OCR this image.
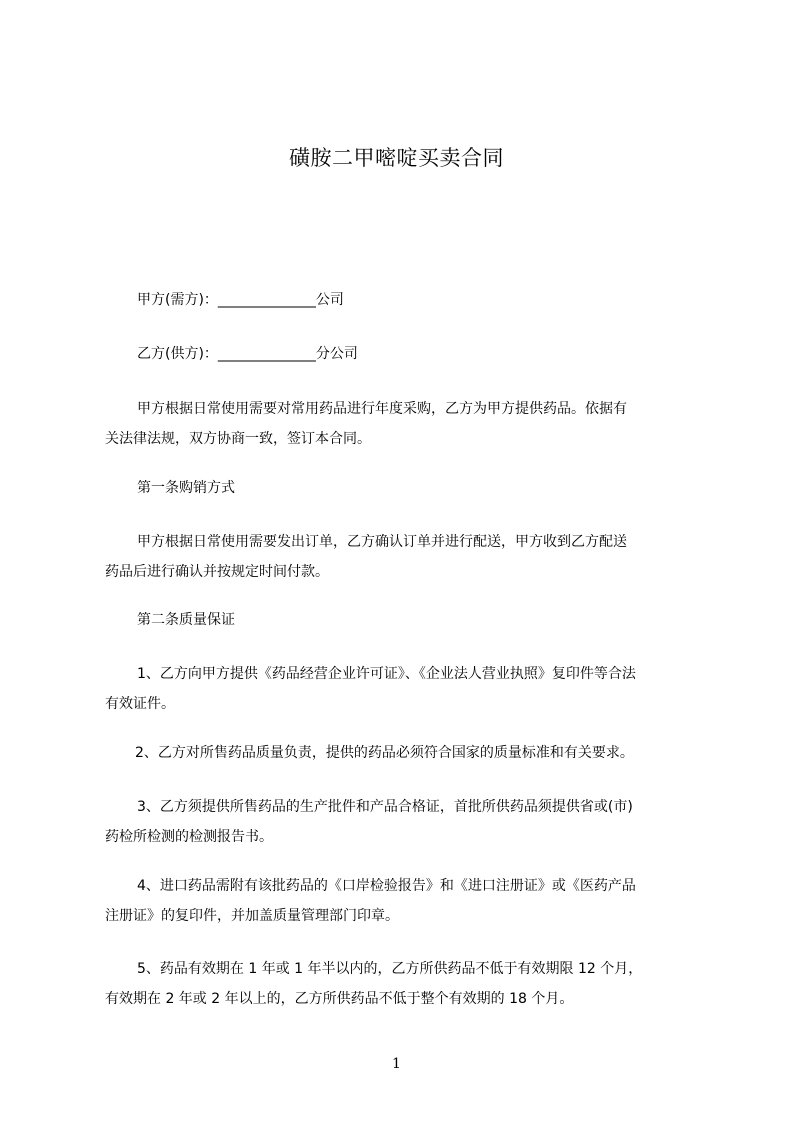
磺胺二甲嘧啶买卖合同
甲方(需方)：______________公司
乙方(供方)：______________分公司
甲方根据日常使用需要对常用药品进行年度采购，乙方为甲方提供药品。依据有
关法律法规，双方协商一致，签订本合同。
第一条购销方式
甲方根据日常使用需要发出订单，乙方确认订单并进行配送，甲方收到乙方配送
药品后进行确认并按规定时间付款。
第二条质量保证
1、乙方向甲方提供《药品经营企业许可证》、《企业法人营业执照》复印件等合法
有效证件。
2、乙方对所售药品质量负责，提供的药品必须符合国家的质量标准和有关要求。
3、乙方须提供所售药品的生产批件和产品合格证，首批所供药品须提供省或(市)
药检所检测的检测报告书。
4、进口药品需附有该批药品的《口岸检验报告》和《进口注册证》或《医药产品
注册证》的复印件，并加盖质量管理部门印章。
5、药品有效期在 1 年或 1 年半以内的，乙方所供药品不低于有效期限 12 个月，
有效期在 2 年或 2 年以上的，乙方所供药品不低于整个有效期的 18 个月。
1
